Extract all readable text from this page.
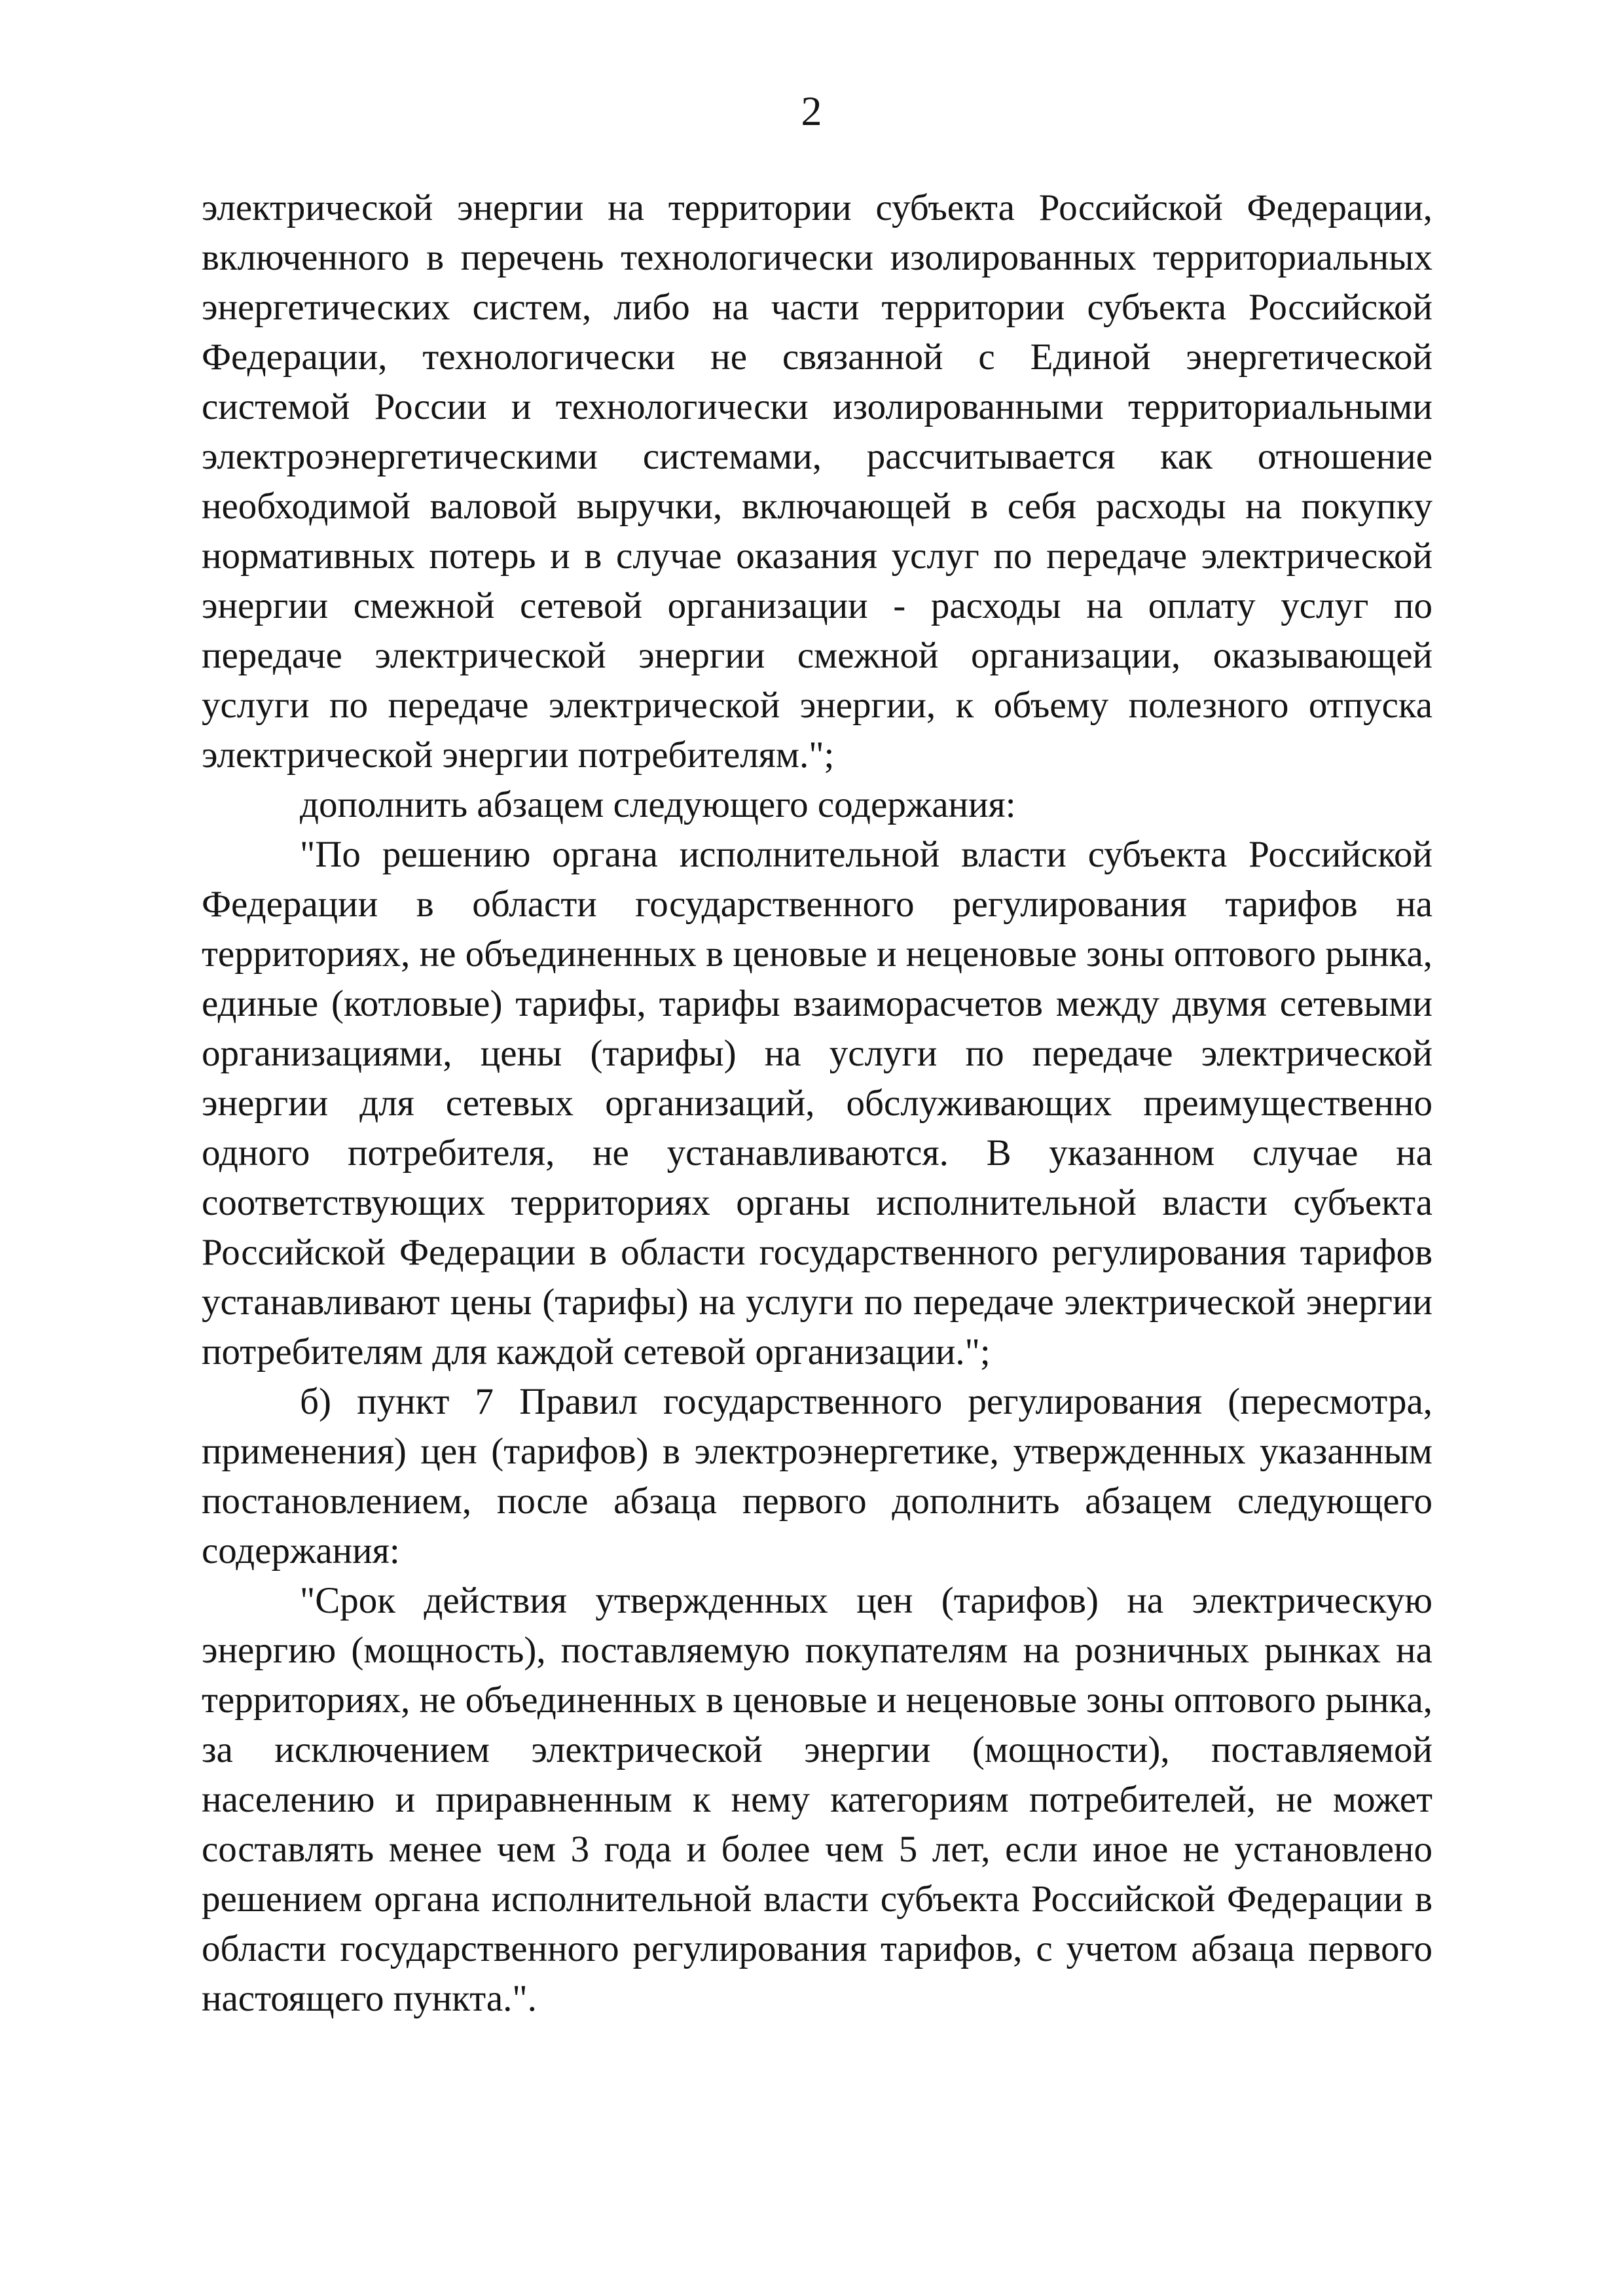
2

электрической энергии на территории субъекта Российской Федерации, включенного в перечень технологически изолированных территориальных энергетических систем, либо на части территории субъекта Российской Федерации, технологически не связанной с Единой энергетической системой России и технологически изолированными территориальными электроэнергетическими системами, рассчитывается как отношение необходимой валовой выручки, включающей в себя расходы на покупку нормативных потерь и в случае оказания услуг по передаче электрической энергии смежной сетевой организации - расходы на оплату услуг по передаче электрической энергии смежной организации, оказывающей услуги по передаче электрической энергии, к объему полезного отпуска электрической энергии потребителям.";

дополнить абзацем следующего содержания:

"По решению органа исполнительной власти субъекта Российской Федерации в области государственного регулирования тарифов на территориях, не объединенных в ценовые и неценовые зоны оптового рынка, единые (котловые) тарифы, тарифы взаиморасчетов между двумя сетевыми организациями, цены (тарифы) на услуги по передаче электрической энергии для сетевых организаций, обслуживающих преимущественно одного потребителя, не устанавливаются. В указанном случае на соответствующих территориях органы исполнительной власти субъекта Российской Федерации в области государственного регулирования тарифов устанавливают цены (тарифы) на услуги по передаче электрической энергии потребителям для каждой сетевой организации.";

б) пункт 7 Правил государственного регулирования (пересмотра, применения) цен (тарифов) в электроэнергетике, утвержденных указанным постановлением, после абзаца первого дополнить абзацем следующего содержания:

"Срок действия утвержденных цен (тарифов) на электрическую энергию (мощность), поставляемую покупателям на розничных рынках на территориях, не объединенных в ценовые и неценовые зоны оптового рынка, за исключением электрической энергии (мощности), поставляемой населению и приравненным к нему категориям потребителей, не может составлять менее чем 3 года и более чем 5 лет, если иное не установлено решением органа исполнительной власти субъекта Российской Федерации в области государственного регулирования тарифов, с учетом абзаца первого настоящего пункта.".
